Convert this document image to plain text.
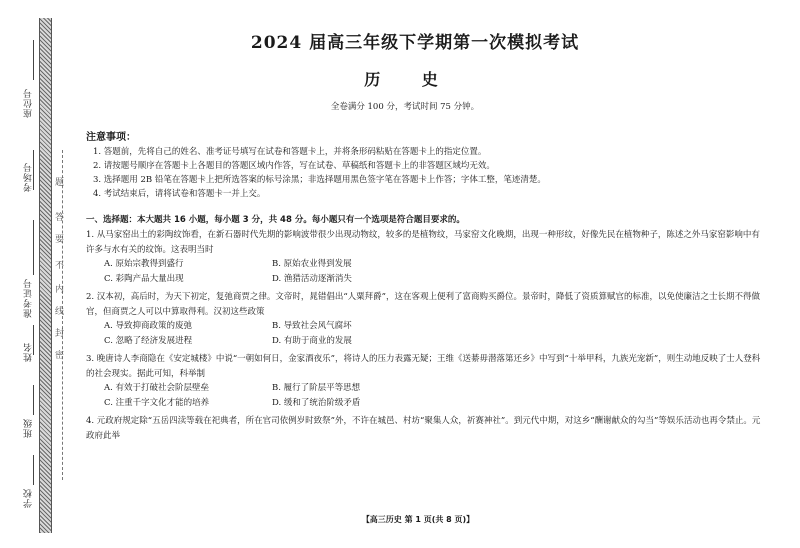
座位号
考场号
准考证号
姓名
班级
学校
题
答
要
不
内
线
封
密
2024 届高三年级下学期第一次模拟考试
历 史
全卷满分 100 分，考试时间 75 分钟。
注意事项：
1. 答题前，先将自己的姓名、准考证号填写在试卷和答题卡上，并将条形码粘贴在答题卡上的指定位置。
2. 请按题号顺序在答题卡上各题目的答题区域内作答，写在试卷、草稿纸和答题卡上的非答题区域均无效。
3. 选择题用 2B 铅笔在答题卡上把所选答案的标号涂黑；非选择题用黑色签字笔在答题卡上作答；字体工整，笔迹清楚。
4. 考试结束后，请将试卷和答题卡一并上交。
一、选择题：本大题共 16 小题，每小题 3 分，共 48 分。每小题只有一个选项是符合题目要求的。
1. 从马家窑出土的彩陶纹饰看，在新石器时代先期的影响波带很少出现动物纹，较多的是植物纹，马家窑文化晚期，出现一种形纹，好像先民在植物种子，陈述之外马家窑影响中有许多与水有关的纹饰。这表明当时
A. 原始宗教得到盛行	B. 原始农业得到发展
C. 彩陶产品大量出现	D. 渔猎活动逐渐消失
2. 汉本初，高后时，为天下初定，复弛商贾之律。文帝时，晁错倡出“人粟拜爵”，这在客观上便利了富商购买爵位。景帝时，降低了资质算赋官的标准，以免使廉洁之士长期不得做官，但商贾之人可以中算取得利。汉初这些政策
A. 导致抑商政策的废弛	B. 导致社会风气腐坏
C. 忽略了经济发展进程	D. 有助于商业的发展
3. 晚唐诗人李商隐在《安定城楼》中说“一朝如何日，金家酒夜乐”，将诗人的压力表露无疑；王维《送綦毋潜落第还乡》中写到“十举甲科，九族光宠新”，则生动地反映了士人登科的社会现实。据此可知，科举制
A. 有效于打破社会阶层壁垒	B. 履行了阶层平等思想
C. 注重千字文化才能的培养	D. 缓和了统治阶级矛盾
4. 元政府规定除“五岳四渎等载在祀典者，所在官司依例岁时致祭”外，不许在城邑、村坊“聚集人众，祈赛神社”。到元代中期，对这乡“酬谢献众的勾当”等娱乐活动也再令禁止。元政府此举
【高三历史 第 1 页(共 8 页)】
